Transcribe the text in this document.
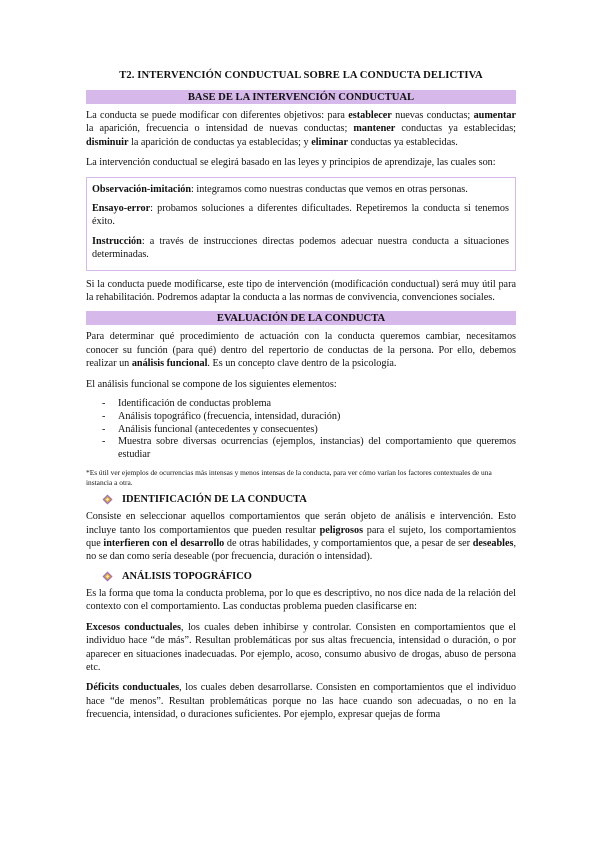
T2. INTERVENCIÓN CONDUCTUAL SOBRE LA CONDUCTA DELICTIVA
BASE DE LA INTERVENCIÓN CONDUCTUAL

La conducta se puede modificar con diferentes objetivos: para establecer nuevas conductas; aumentar la aparición, frecuencia o intensidad de nuevas conductas; mantener conductas ya establecidas; disminuir la aparición de conductas ya establecidas; y eliminar conductas ya establecidas.

La intervención conductual se elegirá basado en las leyes y principios de aprendizaje, las cuales son:

Observación-imitación: integramos como nuestras conductas que vemos en otras personas.

Ensayo-error: probamos soluciones a diferentes dificultades. Repetiremos la conducta si tenemos éxito.

Instrucción: a través de instrucciones directas podemos adecuar nuestra conducta a situaciones determinadas.

Si la conducta puede modificarse, este tipo de intervención (modificación conductual) será muy útil para la rehabilitación. Podremos adaptar la conducta a las normas de convivencia, convenciones sociales.

EVALUACIÓN DE LA CONDUCTA

Para determinar qué procedimiento de actuación con la conducta queremos cambiar, necesitamos conocer su función (para qué) dentro del repertorio de conductas de la persona. Por ello, debemos realizar un análisis funcional. Es un concepto clave dentro de la psicología.

El análisis funcional se compone de los siguientes elementos:

- Identificación de conductas problema
- Análisis topográfico (frecuencia, intensidad, duración)
- Análisis funcional (antecedentes y consecuentes)
- Muestra sobre diversas ocurrencias (ejemplos, instancias) del comportamiento que queremos estudiar

*Es útil ver ejemplos de ocurrencias más intensas y menos intensas de la conducta, para ver cómo varían los factores contextuales de una instancia a otra.

IDENTIFICACIÓN DE LA CONDUCTA

Consiste en seleccionar aquellos comportamientos que serán objeto de análisis e intervención. Esto incluye tanto los comportamientos que pueden resultar peligrosos para el sujeto, los comportamientos que interfieren con el desarrollo de otras habilidades, y comportamientos que, a pesar de ser deseables, no se dan como sería deseable (por frecuencia, duración o intensidad).

ANÁLISIS TOPOGRÁFICO

Es la forma que toma la conducta problema, por lo que es descriptivo, no nos dice nada de la relación del contexto con el comportamiento. Las conductas problema pueden clasificarse en:

Excesos conductuales, los cuales deben inhibirse y controlar. Consisten en comportamientos que el individuo hace “de más”. Resultan problemáticas por sus altas frecuencia, intensidad o duración, o por aparecer en situaciones inadecuadas. Por ejemplo, acoso, consumo abusivo de drogas, abuso de persona etc.

Déficits conductuales, los cuales deben desarrollarse. Consisten en comportamientos que el individuo hace “de menos”. Resultan problemáticas porque no las hace cuando son adecuadas, o no en la frecuencia, intensidad, o duraciones suficientes. Por ejemplo, expresar quejas de forma
